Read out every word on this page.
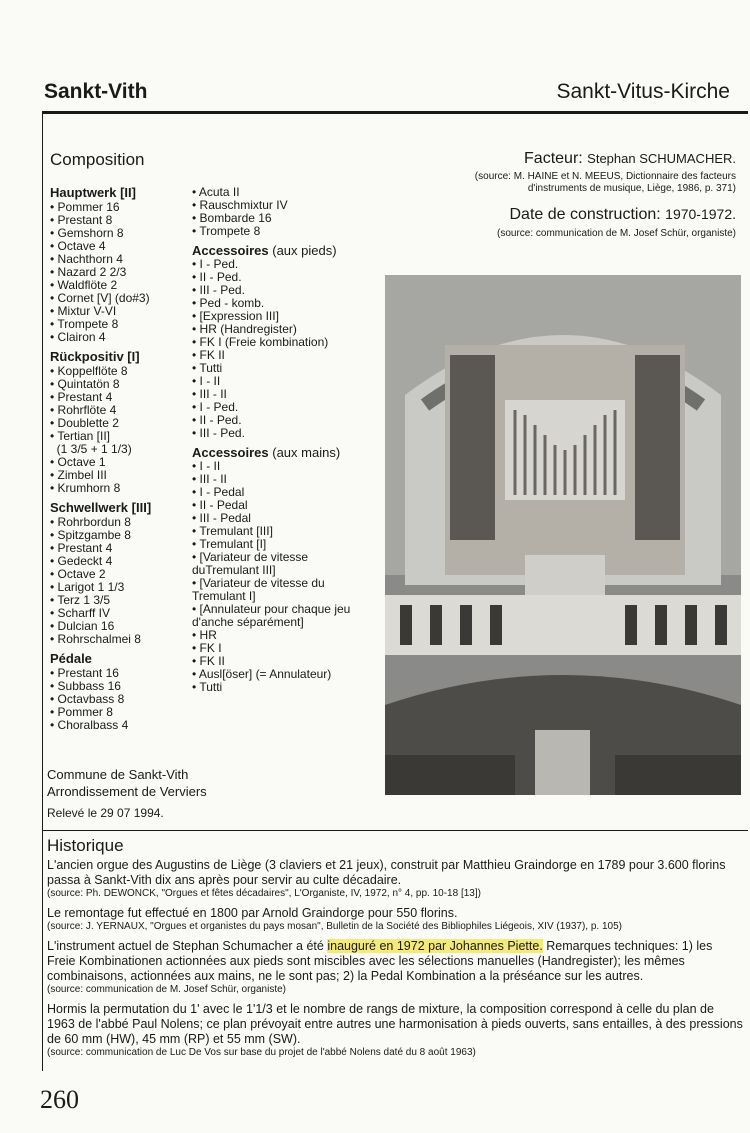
Sankt-Vith	Sankt-Vitus-Kirche
Composition
Hauptwerk [II]
• Pommer 16
• Prestant 8
• Gemshorn 8
• Octave 4
• Nachthorn 4
• Nazard 2 2/3
• Waldflöte 2
• Cornet [V] (do#3)
• Mixtur V-VI
• Trompete 8
• Clairon 4
Rückpositiv [I]
• Koppelflöte 8
• Quintatön 8
• Prestant 4
• Rohrflöte 4
• Doublette 2
• Tertian [II]
(1 3/5 + 1 1/3)
• Octave 1
• Zimbel III
• Krumhorn 8
Schwellwerk [III]
• Rohrbordun 8
• Spitzgambe 8
• Prestant 4
• Gedeckt 4
• Octave 2
• Larigot 1 1/3
• Terz 1 3/5
• Scharff IV
• Dulcian 16
• Rohrschalmei 8
Pédale
• Prestant 16
• Subbass 16
• Octavbass 8
• Pommer 8
• Choralbass 4
• Acuta II
• Rauschmixtur IV
• Bombarde 16
• Trompete 8
Accessoires (aux pieds)
• I - Ped.
• II - Ped.
• III - Ped.
• Ped - komb.
• [Expression III]
• HR (Handregister)
• FK I (Freie kombination)
• FK II
• Tutti
• I - II
• III - II
• I - Ped.
• II - Ped.
• III - Ped.
Accessoires (aux mains)
• I - II
• III - II
• I - Pedal
• II - Pedal
• III - Pedal
• Tremulant [III]
• Tremulant [I]
• [Variateur de vitesse duTremulant III]
• [Variateur de vitesse du Tremulant I]
• [Annulateur pour chaque jeu d'anche séparément]
• HR
• FK I
• FK II
• Ausl[öser] (= Annulateur)
• Tutti
Facteur: Stephan SCHUMACHER.
(source: M. HAINE et N. MEEUS, Dictionnaire des facteurs d'instruments de musique, Liège, 1986, p. 371)
Date de construction: 1970-1972.
(source: communication de M. Josef Schür, organiste)
Commune de Sankt-Vith
Arrondissement de Verviers
Relevé le 29 07 1994.
Historique
L'ancien orgue des Augustins de Liège (3 claviers et 21 jeux), construit par Matthieu Graindorge en 1789 pour 3.600 florins passa à Sankt-Vith dix ans après pour servir au culte décadaire.
(source: Ph. DEWONCK, "Orgues et fêtes décadaires", L'Organiste, IV, 1972, n° 4, pp. 10-18 [13])
Le remontage fut effectué en 1800 par Arnold Graindorge pour 550 florins.
(source: J. YERNAUX, "Orgues et organistes du pays mosan", Bulletin de la Société des Bibliophiles Liégeois, XIV (1937), p. 105)
L'instrument actuel de Stephan Schumacher a été inauguré en 1972 par Johannes Piette. Remarques techniques: 1) les Freie Kombinationen actionnées aux pieds sont miscibles avec les sélections manuelles (Handregister); les mêmes combinaisons, actionnées aux mains, ne le sont pas; 2) la Pedal Kombination a la préséance sur les autres.
(source: communication de M. Josef Schür, organiste)
Hormis la permutation du 1' avec le 1'1/3 et le nombre de rangs de mixture, la composition correspond à celle du plan de 1963 de l'abbé Paul Nolens; ce plan prévoyait entre autres une harmonisation à pieds ouverts, sans entailles, à des pressions de 60 mm (HW), 45 mm (RP) et 55 mm (SW).
(source: communication de Luc De Vos sur base du projet de l'abbé Nolens daté du 8 août 1963)
260
